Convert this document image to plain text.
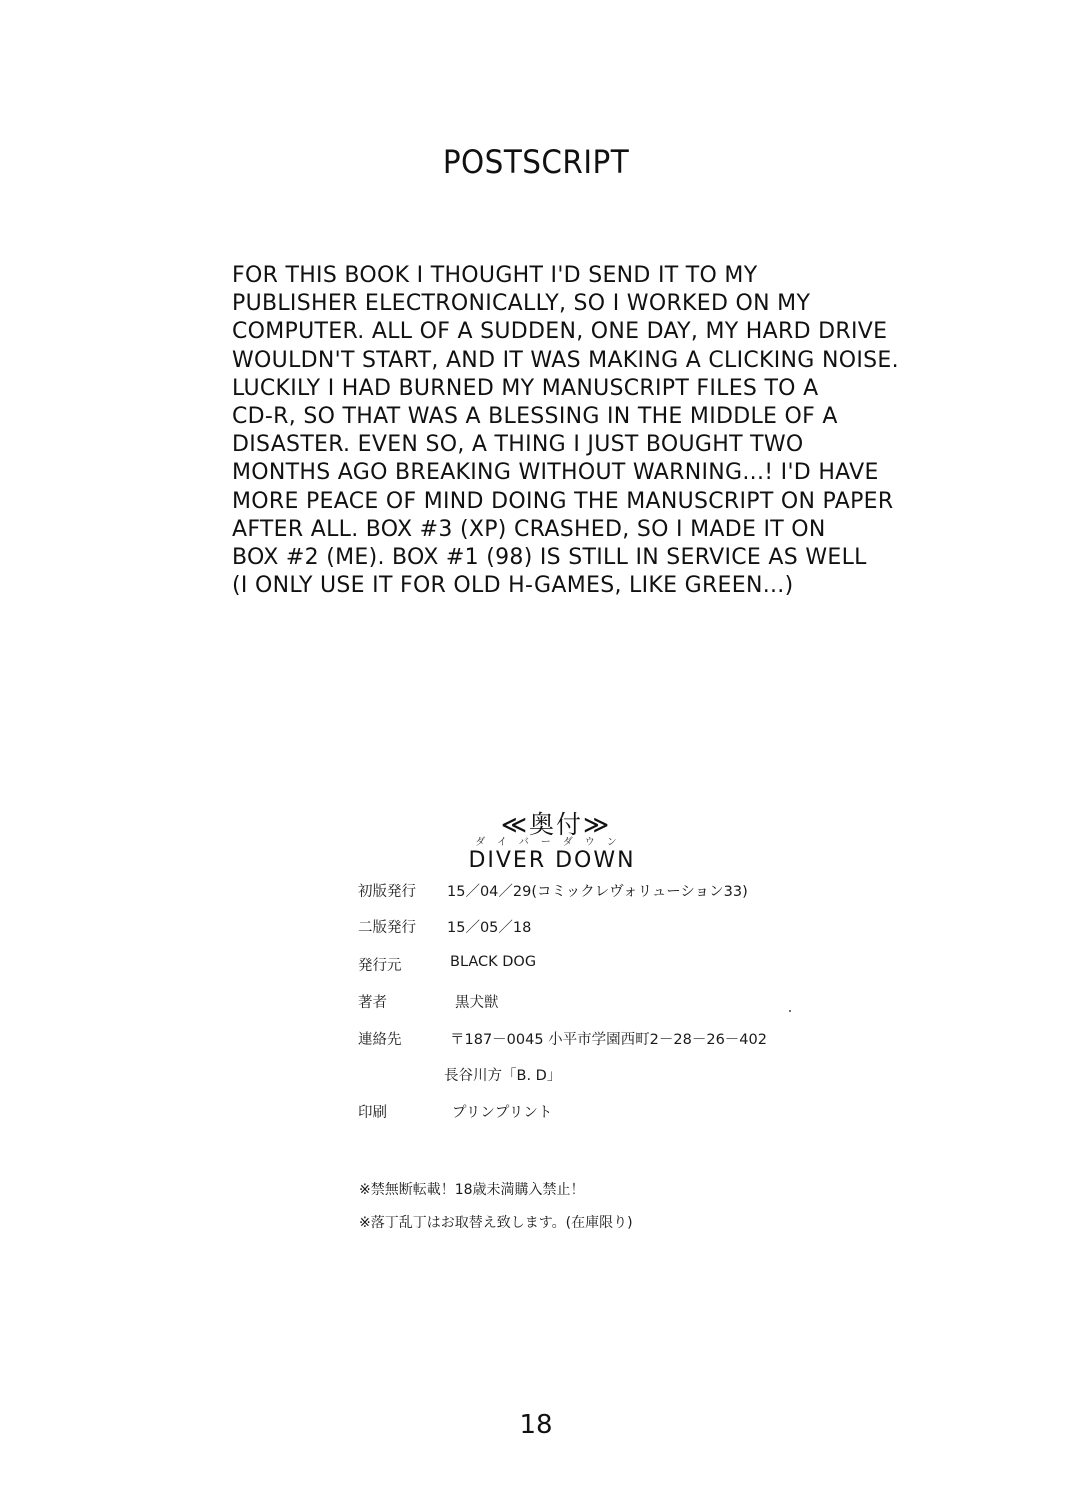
POSTSCRIPT
FOR THIS BOOK I THOUGHT I'D SEND IT TO MY
PUBLISHER ELECTRONICALLY, SO I WORKED ON MY
COMPUTER. ALL OF A SUDDEN, ONE DAY, MY HARD DRIVE
WOULDN'T START, AND IT WAS MAKING A CLICKING NOISE.
LUCKILY I HAD BURNED MY MANUSCRIPT FILES TO A
CD-R, SO THAT WAS A BLESSING IN THE MIDDLE OF A
DISASTER. EVEN SO, A THING I JUST BOUGHT TWO
MONTHS AGO BREAKING WITHOUT WARNING...! I'D HAVE
MORE PEACE OF MIND DOING THE MANUSCRIPT ON PAPER
AFTER ALL. BOX #3 (XP) CRASHED, SO I MADE IT ON
BOX #2 (ME). BOX #1 (98) IS STILL IN SERVICE AS WELL
(I ONLY USE IT FOR OLD H-GAMES, LIKE GREEN...)
≪奥付≫
ダイバーダウン
DIVER DOWN
初版発行	15／04／29(コミックレヴォリューション33)
二版発行	15／05／18
発行元	BLACK DOG
著者	黒犬獣
連絡先	〒187－0045 小平市学園西町2－28－26－402
長谷川方「B. D」
印刷	プリンプリント
※禁無断転載！18歳未満購入禁止！
※落丁乱丁はお取替え致します。(在庫限り)
18
